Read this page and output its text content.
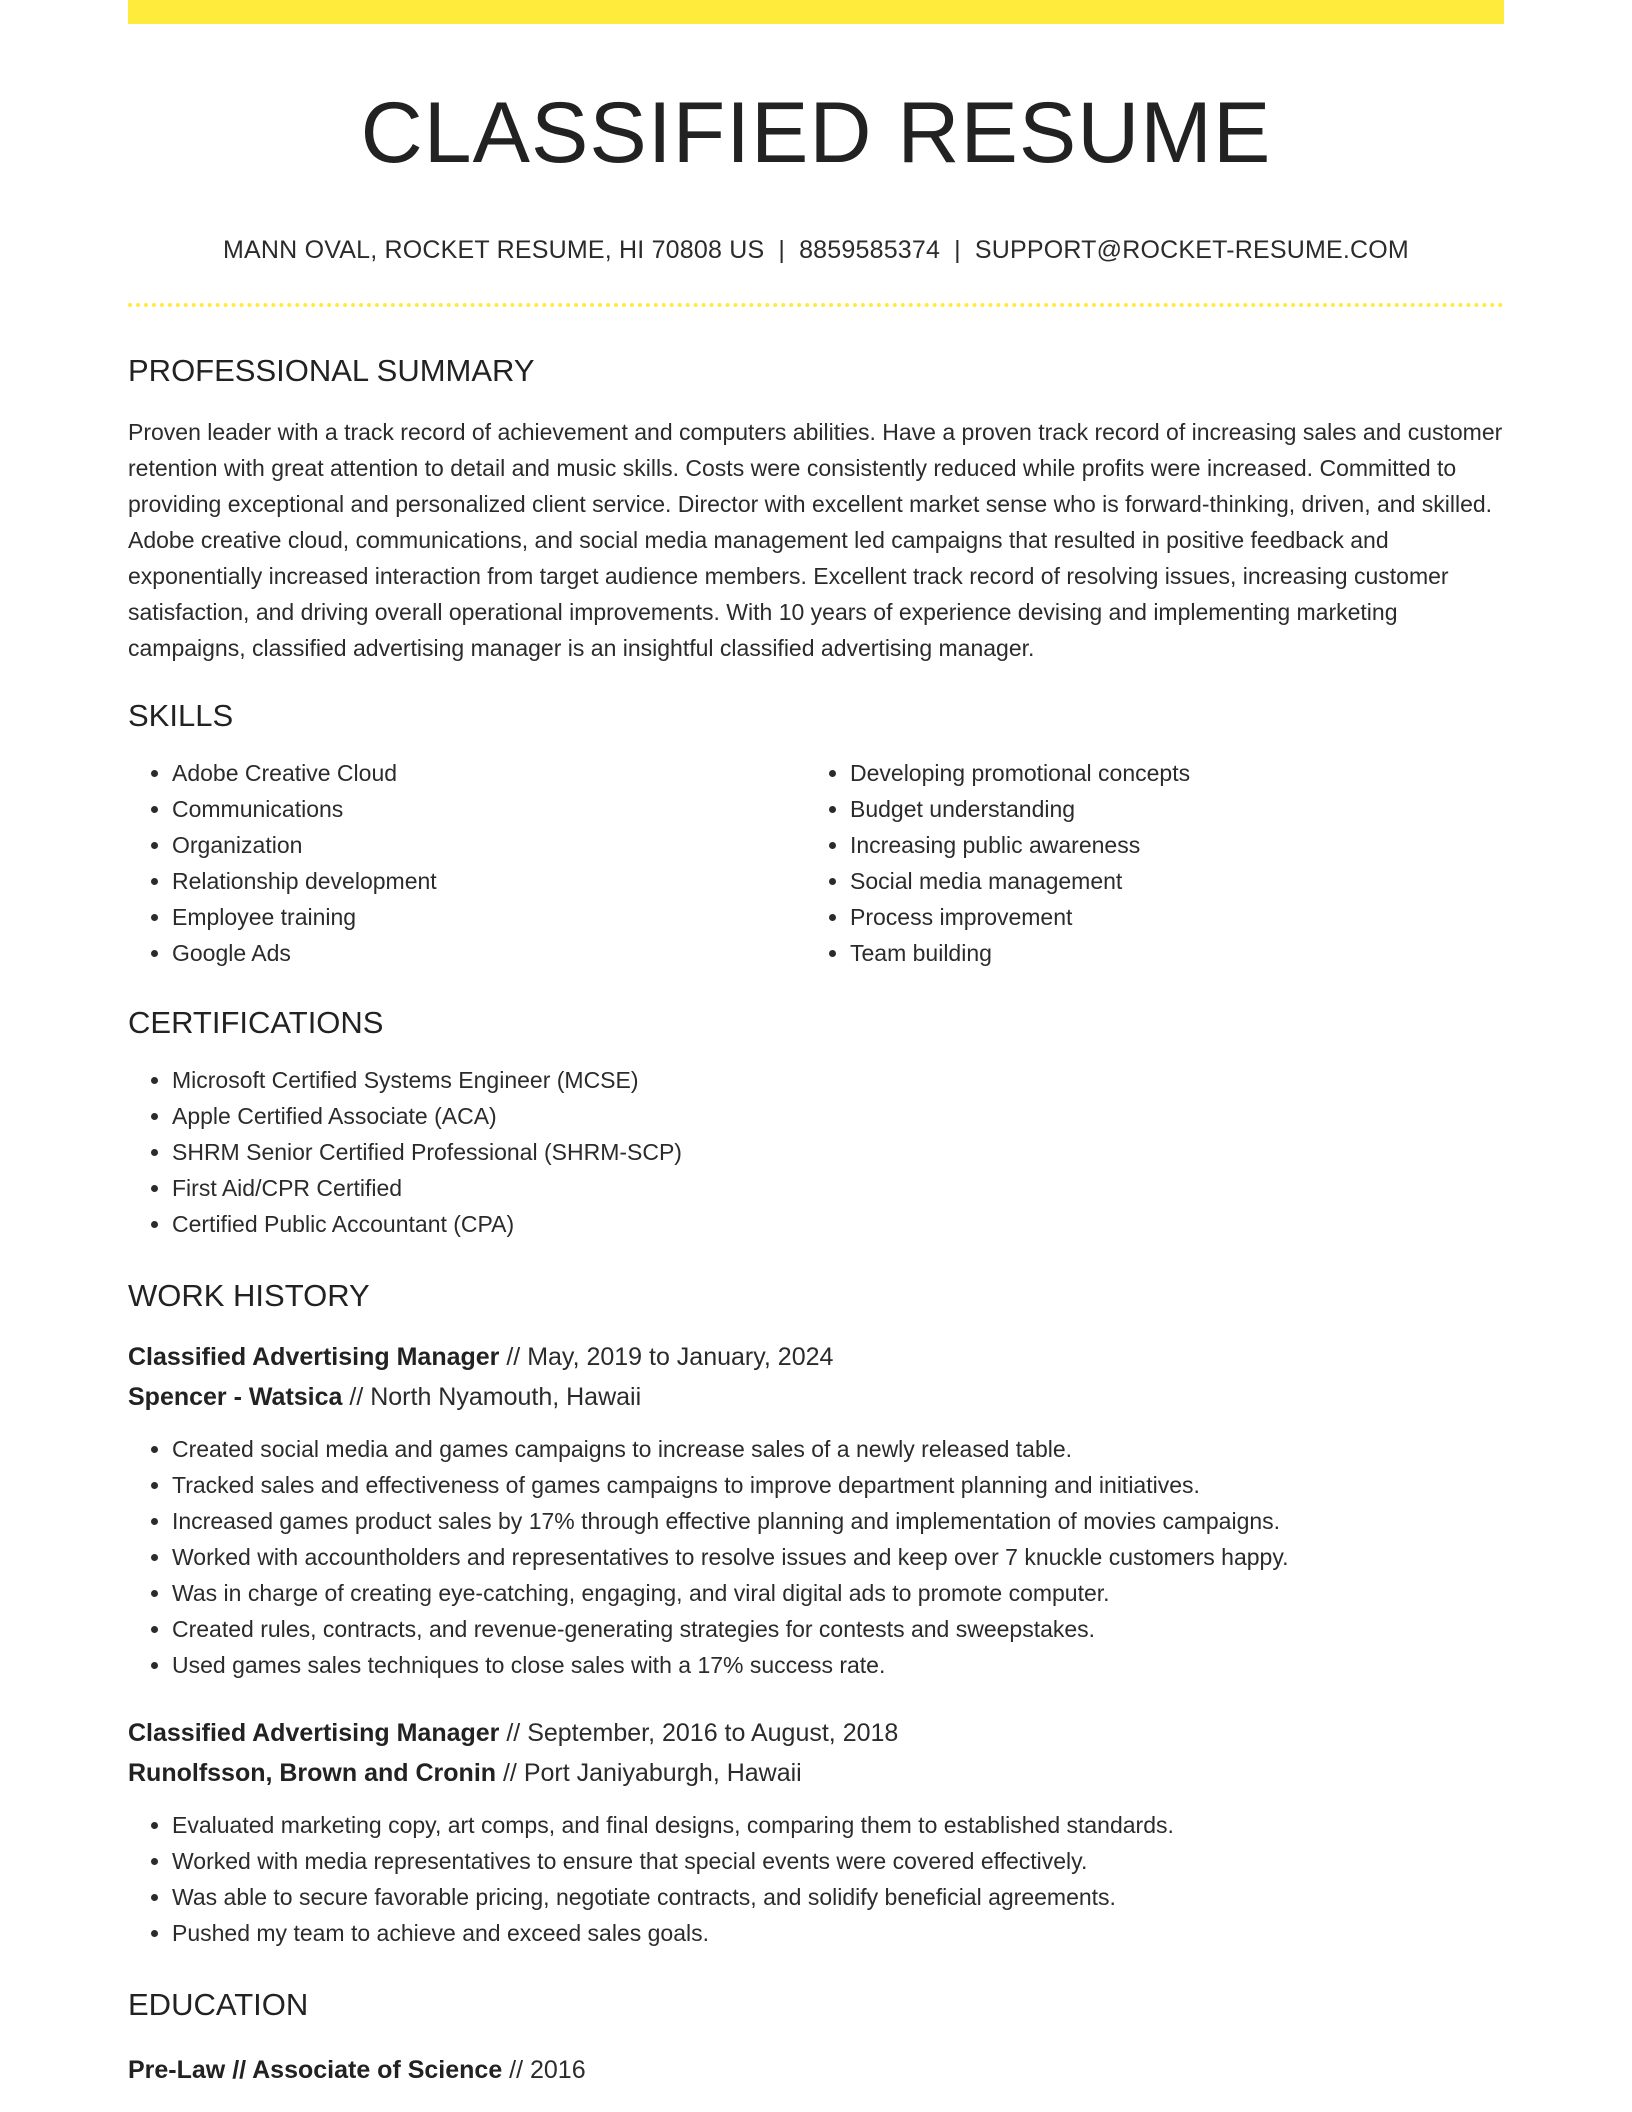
CLASSIFIED RESUME
MANN OVAL, ROCKET RESUME, HI 70808 US | 8859585374 | SUPPORT@ROCKET-RESUME.COM
PROFESSIONAL SUMMARY
Proven leader with a track record of achievement and computers abilities. Have a proven track record of increasing sales and customer retention with great attention to detail and music skills. Costs were consistently reduced while profits were increased. Committed to providing exceptional and personalized client service. Director with excellent market sense who is forward-thinking, driven, and skilled. Adobe creative cloud, communications, and social media management led campaigns that resulted in positive feedback and exponentially increased interaction from target audience members. Excellent track record of resolving issues, increasing customer satisfaction, and driving overall operational improvements. With 10 years of experience devising and implementing marketing campaigns, classified advertising manager is an insightful classified advertising manager.
SKILLS
• Adobe Creative Cloud
• Communications
• Organization
• Relationship development
• Employee training
• Google Ads
• Developing promotional concepts
• Budget understanding
• Increasing public awareness
• Social media management
• Process improvement
• Team building
CERTIFICATIONS
• Microsoft Certified Systems Engineer (MCSE)
• Apple Certified Associate (ACA)
• SHRM Senior Certified Professional (SHRM-SCP)
• First Aid/CPR Certified
• Certified Public Accountant (CPA)
WORK HISTORY
Classified Advertising Manager // May, 2019 to January, 2024
Spencer - Watsica // North Nyamouth, Hawaii
• Created social media and games campaigns to increase sales of a newly released table.
• Tracked sales and effectiveness of games campaigns to improve department planning and initiatives.
• Increased games product sales by 17% through effective planning and implementation of movies campaigns.
• Worked with accountholders and representatives to resolve issues and keep over 7 knuckle customers happy.
• Was in charge of creating eye-catching, engaging, and viral digital ads to promote computer.
• Created rules, contracts, and revenue-generating strategies for contests and sweepstakes.
• Used games sales techniques to close sales with a 17% success rate.
Classified Advertising Manager // September, 2016 to August, 2018
Runolfsson, Brown and Cronin // Port Janiyaburgh, Hawaii
• Evaluated marketing copy, art comps, and final designs, comparing them to established standards.
• Worked with media representatives to ensure that special events were covered effectively.
• Was able to secure favorable pricing, negotiate contracts, and solidify beneficial agreements.
• Pushed my team to achieve and exceed sales goals.
EDUCATION
Pre-Law // Associate of Science // 2016
